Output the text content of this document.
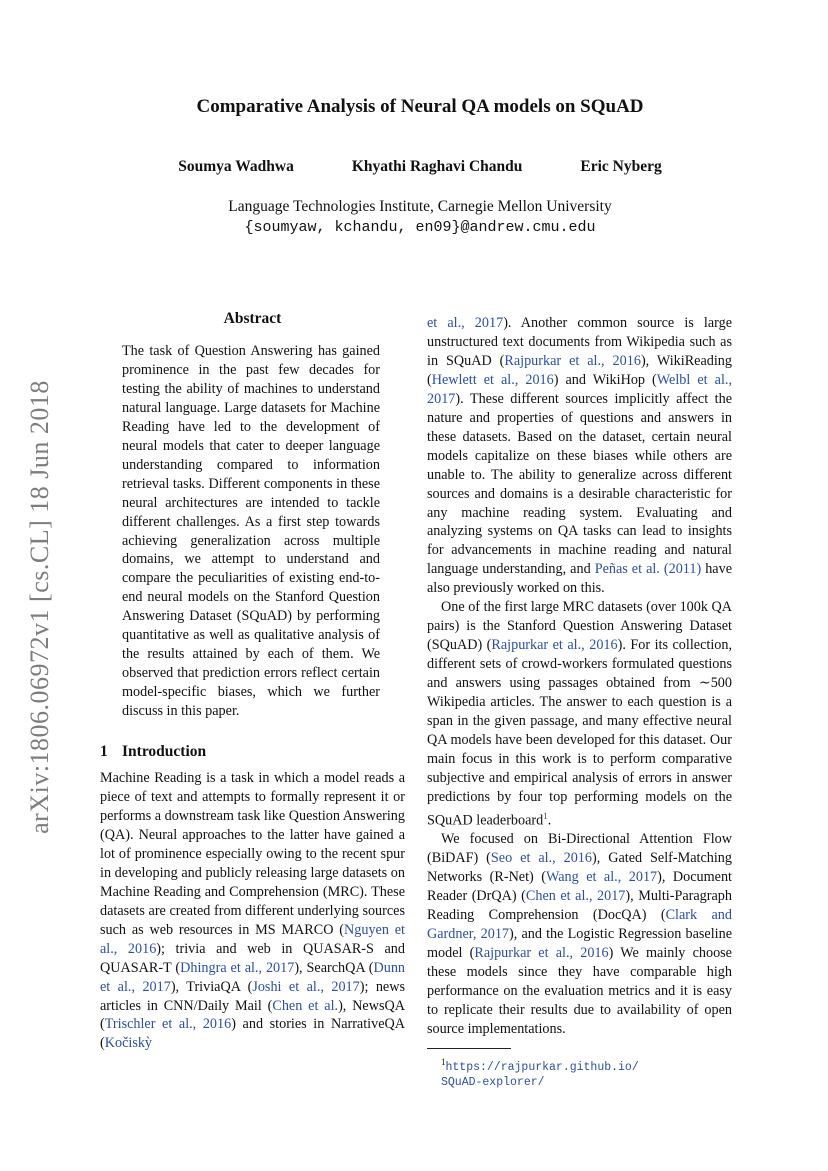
arXiv:1806.06972v1 [cs.CL] 18 Jun 2018
Comparative Analysis of Neural QA models on SQuAD
Soumya Wadhwa	Khyathi Raghavi Chandu	Eric Nyberg
Language Technologies Institute, Carnegie Mellon University
{soumyaw, kchandu, en09}@andrew.cmu.edu
Abstract

The task of Question Answering has gained prominence in the past few decades for testing the ability of machines to understand natural language. Large datasets for Machine Reading have led to the development of neural models that cater to deeper language understanding compared to information retrieval tasks. Different components in these neural architectures are intended to tackle different challenges. As a first step towards achieving generalization across multiple domains, we attempt to understand and compare the peculiarities of existing end-to-end neural models on the Stanford Question Answering Dataset (SQuAD) by performing quantitative as well as qualitative analysis of the results attained by each of them. We observed that prediction errors reflect certain model-specific biases, which we further discuss in this paper.

1 Introduction

Machine Reading is a task in which a model reads a piece of text and attempts to formally represent it or performs a downstream task like Question Answering (QA). Neural approaches to the latter have gained a lot of prominence especially owing to the recent spur in developing and publicly releasing large datasets on Machine Reading and Comprehension (MRC). These datasets are created from different underlying sources such as web resources in MS MARCO (Nguyen et al., 2016); trivia and web in QUASAR-S and QUASAR-T (Dhingra et al., 2017), SearchQA (Dunn et al., 2017), TriviaQA (Joshi et al., 2017); news articles in CNN/Daily Mail (Chen et al.), NewsQA (Trischler et al., 2016) and stories in NarrativeQA (Kočiskỳ

et al., 2017). Another common source is large unstructured text documents from Wikipedia such as in SQuAD (Rajpurkar et al., 2016), WikiReading (Hewlett et al., 2016) and WikiHop (Welbl et al., 2017). These different sources implicitly affect the nature and properties of questions and answers in these datasets. Based on the dataset, certain neural models capitalize on these biases while others are unable to. The ability to generalize across different sources and domains is a desirable characteristic for any machine reading system. Evaluating and analyzing systems on QA tasks can lead to insights for advancements in machine reading and natural language understanding, and Peñas et al. (2011) have also previously worked on this.

One of the first large MRC datasets (over 100k QA pairs) is the Stanford Question Answering Dataset (SQuAD) (Rajpurkar et al., 2016). For its collection, different sets of crowd-workers formulated questions and answers using passages obtained from ∼500 Wikipedia articles. The answer to each question is a span in the given passage, and many effective neural QA models have been developed for this dataset. Our main focus in this work is to perform comparative subjective and empirical analysis of errors in answer predictions by four top performing models on the SQuAD leaderboard$^1$.

We focused on Bi-Directional Attention Flow (BiDAF) (Seo et al., 2016), Gated Self-Matching Networks (R-Net) (Wang et al., 2017), Document Reader (DrQA) (Chen et al., 2017), Multi-Paragraph Reading Comprehension (DocQA) (Clark and Gardner, 2017), and the Logistic Regression baseline model (Rajpurkar et al., 2016) We mainly choose these models since they have comparable high performance on the evaluation metrics and it is easy to replicate their results due to availability of open source implementations.

$^1$https://rajpurkar.github.io/
SQuAD-explorer/
